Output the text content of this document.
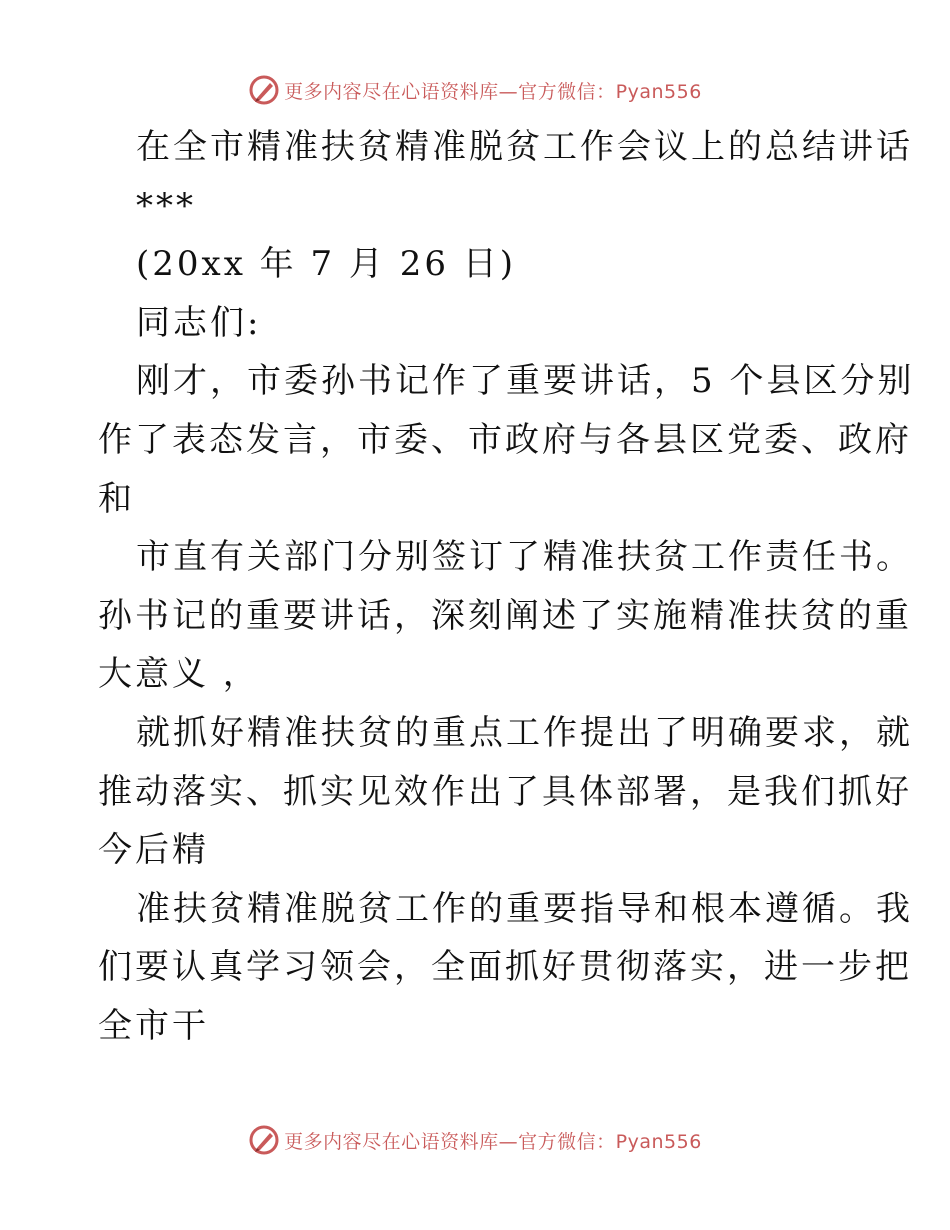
更多内容尽在心语资料库—官方微信：Pyan556
在全市精准扶贫精准脱贫工作会议上的总结讲话
***
(20xx 年 7 月 26 日)
同志们:
刚才，市委孙书记作了重要讲话，5 个县区分别
作了表态发言，市委、市政府与各县区党委、政府
和
市直有关部门分别签订了精准扶贫工作责任书。
孙书记的重要讲话，深刻阐述了实施精准扶贫的重
大意义 ，
就抓好精准扶贫的重点工作提出了明确要求，就
推动落实、抓实见效作出了具体部署，是我们抓好
今后精
准扶贫精准脱贫工作的重要指导和根本遵循。我
们要认真学习领会，全面抓好贯彻落实，进一步把
全市干
更多内容尽在心语资料库—官方微信：Pyan556
